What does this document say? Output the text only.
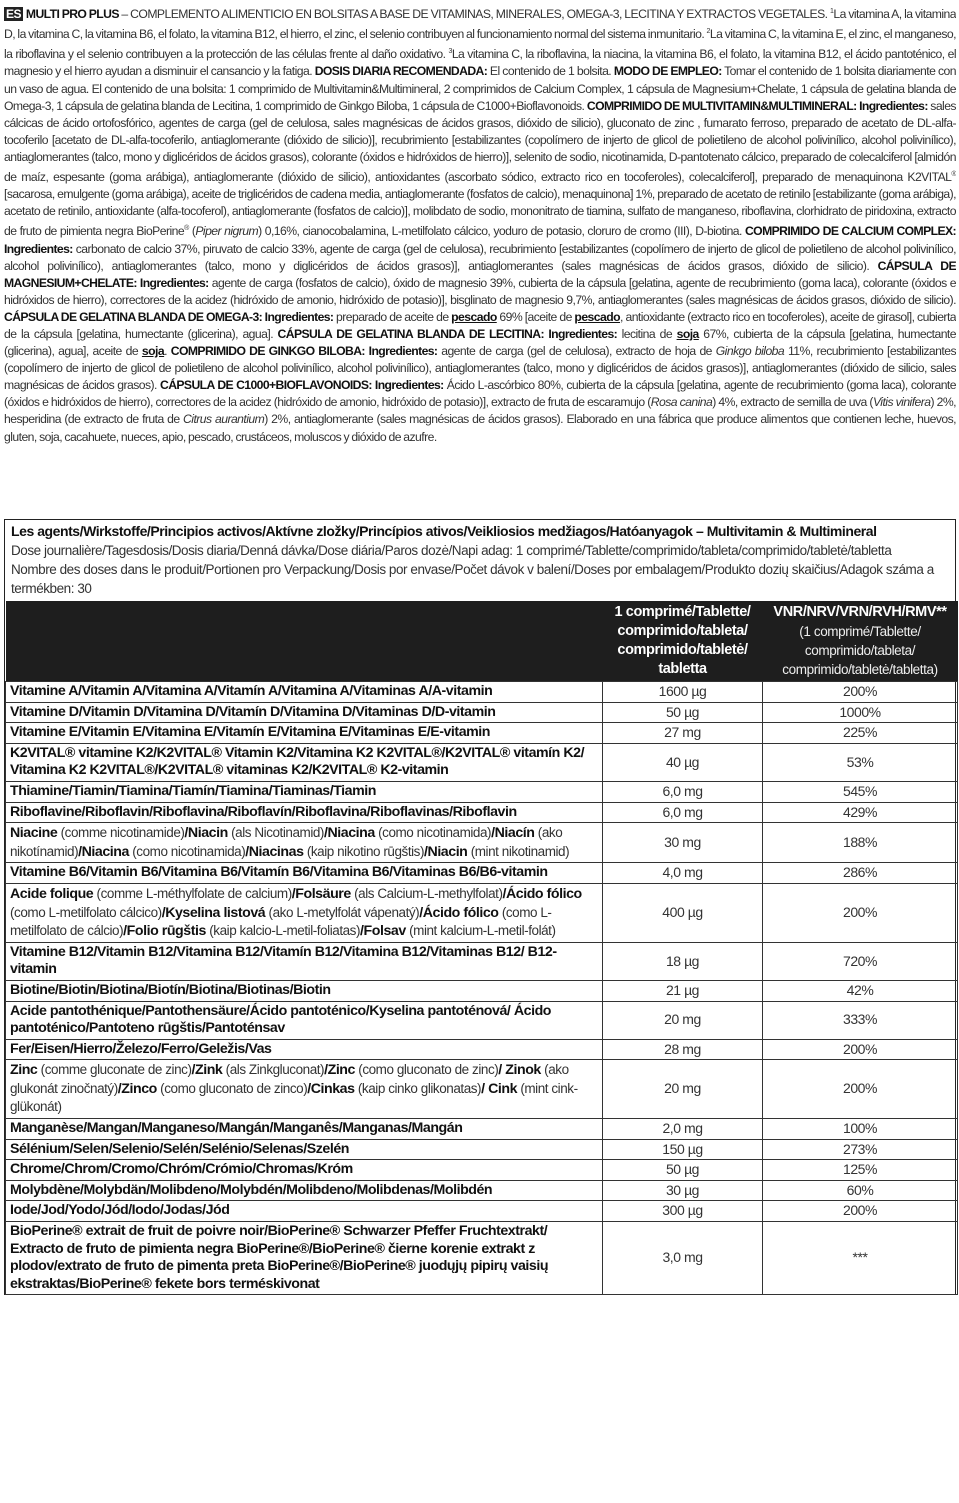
ES MULTI PRO PLUS – COMPLEMENTO ALIMENTICIO EN BOLSITAS A BASE DE VITAMINAS, MINERALES, OMEGA-3, LECITINA Y EXTRACTOS VEGETALES. $^1$La vitamina A, la vitamina D, la vitamina C, la vitamina B6, el folato, la vitamina B12, el hierro, el zinc, el selenio contribuyen al funcionamiento normal del sistema inmunitario. $^2$La vitamina C, la vitamina E, el zinc, el manganeso, la riboflavina y el selenio contribuyen a la protección de las células frente al daño oxidativo. $^3$La vitamina C, la riboflavina, la niacina, la vitamina B6, el folato, la vitamina B12, el ácido pantoténico, el magnesio y el hierro ayudan a disminuir el cansancio y la fatiga. DOSIS DIARIA RECOMENDADA: El contenido de 1 bolsita. MODO DE EMPLEO: Tomar el contenido de 1 bolsita diariamente con un vaso de agua. El contenido de una bolsita: 1 comprimido de Multivitamin&Multimineral, 2 comprimidos de Calcium Complex, 1 cápsula de Magnesium+Chelate, 1 cápsula de gelatina blanda de Omega-3, 1 cápsula de gelatina blanda de Lecitina, 1 comprimido de Ginkgo Biloba, 1 cápsula de C1000+Bioflavonoids. COMPRIMIDO DE MULTIVITAMIN&MULTIMINERAL: Ingredientes: sales cálcicas de ácido ortofosfórico, agentes de carga (gel de celulosa, sales magnésicas de ácidos grasos, dióxido de silicio), gluconato de zinc , fumarato ferroso, preparado de acetato de DL-alfa-tocoferilo [acetato de DL-alfa-tocoferilo, antiaglomerante (dióxido de silicio)], recubrimiento [estabilizantes (copolímero de injerto de glicol de polietileno de alcohol polivinílico, alcohol polivinílico), antiaglomerantes (talco, mono y diglicéridos de ácidos grasos), colorante (óxidos e hidróxidos de hierro)], selenito de sodio, nicotinamida, D-pantotenato cálcico, preparado de colecalciferol [almidón de maíz, espesante (goma arábiga), antiaglomerante (dióxido de silicio), antioxidantes (ascorbato sódico, extracto rico en tocoferoles), colecalciferol], preparado de menaquinona K2VITAL® [sacarosa, emulgente (goma arábiga), aceite de triglicéridos de cadena media, antiaglomerante (fosfatos de calcio), menaquinona] 1%, preparado de acetato de retinilo [estabilizante (goma arábiga), acetato de retinilo, antioxidante (alfa-tocoferol), antiaglomerante (fosfatos de calcio)], molibdato de sodio, mononitrato de tiamina, sulfato de manganeso, riboflavina, clorhidrato de piridoxina, extracto de fruto de pimienta negra BioPerine® (Piper nigrum) 0,16%, cianocobalamina, L-metilfolato cálcico, yoduro de potasio, cloruro de cromo (III), D-biotina. COMPRIMIDO DE CALCIUM COMPLEX: Ingredientes: carbonato de calcio 37%, piruvato de calcio 33%, agente de carga (gel de celulosa), recubrimiento [estabilizantes (copolímero de injerto de glicol de polietileno de alcohol polivinílico, alcohol polivinílico), antiaglomerantes (talco, mono y diglicéridos de ácidos grasos)], antiaglomerantes (sales magnésicas de ácidos grasos, dióxido de silicio). CÁPSULA DE MAGNESIUM+CHELATE: Ingredientes: agente de carga (fosfatos de calcio), óxido de magnesio 39%, cubierta de la cápsula [gelatina, agente de recubrimiento (goma laca), colorante (óxidos e hidróxidos de hierro), correctores de la acidez (hidróxido de amonio, hidróxido de potasio)], bisglinato de magnesio 9,7%, antiaglomerantes (sales magnésicas de ácidos grasos, dióxido de silicio). CÁPSULA DE GELATINA BLANDA DE OMEGA-3: Ingredientes: preparado de aceite de pescado 69% [aceite de pescado, antioxidante (extracto rico en tocoferoles), aceite de girasol], cubierta de la cápsula [gelatina, humectante (glicerina), agua]. CÁPSULA DE GELATINA BLANDA DE LECITINA: Ingredientes: lecitina de soja 67%, cubierta de la cápsula [gelatina, humectante (glicerina), agua], aceite de soja. COMPRIMIDO DE GINKGO BILOBA: Ingredientes: agente de carga (gel de celulosa), extracto de hoja de Ginkgo biloba 11%, recubrimiento [estabilizantes (copolímero de injerto de glicol de polietileno de alcohol polivinílico, alcohol polivinílico), antiaglomerantes (talco, mono y diglicéridos de ácidos grasos)], antiaglomerantes (dióxido de silicio, sales magnésicas de ácidos grasos). CÁPSULA DE C1000+BIOFLAVONOIDS: Ingredientes: Ácido L-ascórbico 80%, cubierta de la cápsula [gelatina, agente de recubrimiento (goma laca), colorante (óxidos e hidróxidos de hierro), correctores de la acidez (hidróxido de amonio, hidróxido de potasio)], extracto de fruta de escaramujo (Rosa canina) 4%, extracto de semilla de uva (Vitis vinifera) 2%, hesperidina (de extracto de fruta de Citrus aurantium) 2%, antiaglomerante (sales magnésicas de ácidos grasos). Elaborado en una fábrica que produce alimentos que contienen leche, huevos, gluten, soja, cacahuete, nueces, apio, pescado, crustáceos, moluscos y dióxido de azufre.
Les agents/Wirkstoffe/Principios activos/Aktívne zložky/Princípios ativos/Veikliosios medžiagos/Hatóanyagok – Multivitamin & Multimineral
Dose journalière/Tagesdosis/Dosis diaria/Denná dávka/Dose diária/Paros dozė/Napi adag: 1 comprimé/Tablette/comprimido/tableta/comprimido/tabletė/tabletta
Nombre des doses dans le produit/Portionen pro Verpackung/Dosis por envase/Počet dávok v balení/Doses por embalagem/Produkto dozių skaičius/Adagok száma a termékben: 30
	1 comprimé/Tablette/ comprimido/tableta/ comprimido/tabletė/ tabletta	VNR/NRV/VRN/RVH/RMV**
(1 comprimé/Tablette/ comprimido/tableta/ comprimido/tabletė/tabletta)

Vitamine A/Vitamin A/Vitamina A/Vitamín A/Vitamina A/Vitaminas A/A-vitamin	1600 µg	200%
Vitamine D/Vitamin D/Vitamina D/Vitamín D/Vitamina D/Vitaminas D/D-vitamin	50 µg	1000%
Vitamine E/Vitamin E/Vitamina E/Vitamín E/Vitamina E/Vitaminas E/E-vitamin	27 mg	225%
K2VITAL® vitamine K2/K2VITAL® Vitamin K2/Vitamina K2 K2VITAL®/K2VITAL® vitamín K2/ Vitamina K2 K2VITAL®/K2VITAL® vitaminas K2/K2VITAL® K2-vitamin	40 µg	53%
Thiamine/Tiamin/Tiamina/Tiamín/Tiamina/Tiaminas/Tiamin	6,0 mg	545%
Riboflavine/Riboflavin/Riboflavina/Riboflavín/Riboflavina/Riboflavinas/Riboflavin	6,0 mg	429%
Niacine (comme nicotinamide)/Niacin (als Nicotinamid)/Niacina (como nicotinamida)/Niacín (ako nikotínamid)/Niacina (como nicotinamida)/Niacinas (kaip nikotino rūgštis)/Niacin (mint nikotinamid)	30 mg	188%
Vitamine B6/Vitamin B6/Vitamina B6/Vitamín B6/Vitamina B6/Vitaminas B6/B6-vitamin	4,0 mg	286%
Acide folique (comme L-méthylfolate de calcium)/Folsäure (als Calcium-L-methylfolat)/Ácido fólico (como L-metilfolato cálcico)/Kyselina listová (ako L-metylfolát vápenatý)/Ácido fólico (como L-metilfolato de cálcio)/Folio rūgštis (kaip kalcio-L-metil-foliatas)/Folsav (mint kalcium-L-metil-folát)	400 µg	200%
Vitamine B12/Vitamin B12/Vitamina B12/Vitamín B12/Vitamina B12/Vitaminas B12/ B12-vitamin	18 µg	720%
Biotine/Biotin/Biotina/Biotín/Biotina/Biotinas/Biotin	21 µg	42%
Acide pantothénique/Pantothensäure/Ácido pantoténico/Kyselina pantoténová/ Ácido pantoténico/Pantoteno rūgštis/Pantoténsav	20 mg	333%
Fer/Eisen/Hierro/Železo/Ferro/Geležis/Vas	28 mg	200%
Zinc (comme gluconate de zinc)/Zink (als Zinkgluconat)/Zinc (como gluconato de zinc)/ Zinok (ako glukonát zinočnatý)/Zinco (como gluconato de zinco)/Cinkas (kaip cinko glikonatas)/ Cink (mint cink-glükonát)	20 mg	200%
Manganèse/Mangan/Manganeso/Mangán/Manganês/Manganas/Mangán	2,0 mg	100%
Sélénium/Selen/Selenio/Selén/Selénio/Selenas/Szelén	150 µg	273%
Chrome/Chrom/Cromo/Chróm/Crómio/Chromas/Króm	50 µg	125%
Molybdène/Molybdän/Molibdeno/Molybdén/Molibdeno/Molibdenas/Molibdén	30 µg	60%
Iode/Jod/Yodo/Jód/Iodo/Jodas/Jód	300 µg	200%
BioPerine® extrait de fruit de poivre noir/BioPerine® Schwarzer Pfeffer Fruchtextrakt/ Extracto de fruto de pimienta negra BioPerine®/BioPerine® čierne korenie extrakt z plodov/extrato de fruto de pimenta preta BioPerine®/BioPerine® juodųjų pipirų vaisių ekstraktas/BioPerine® fekete bors terméskivonat	3,0 mg	***
